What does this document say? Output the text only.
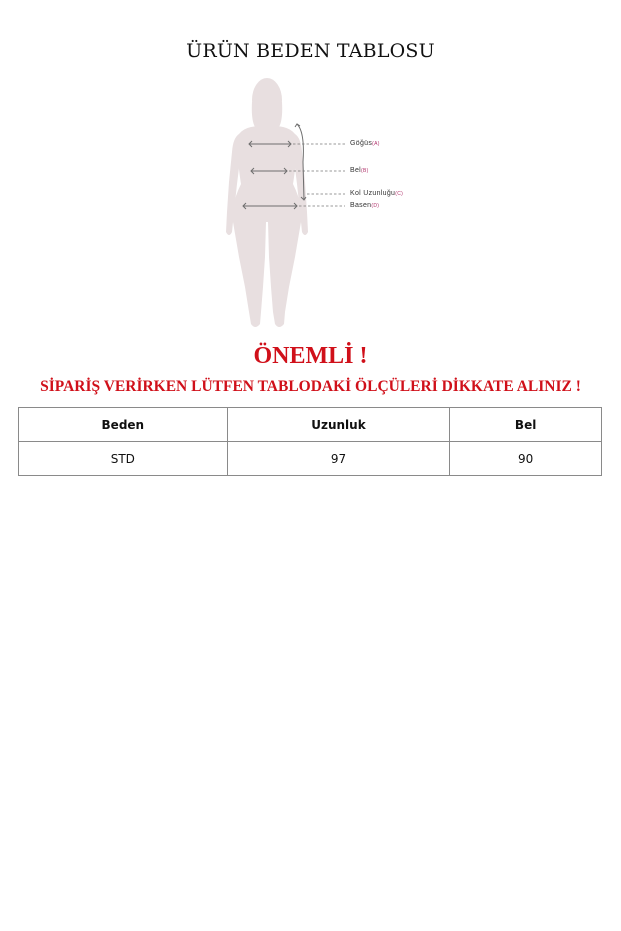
ÜRÜN BEDEN TABLOSU
Göğüs(A)
Bel(B)
Kol Uzunluğu(C)
Basen(D)
ÖNEMLİ !
SİPARİŞ VERİRKEN LÜTFEN TABLODAKİ ÖLÇÜLERİ DİKKATE ALINIZ !
Beden	Uzunluk	Bel
STD	97	90
